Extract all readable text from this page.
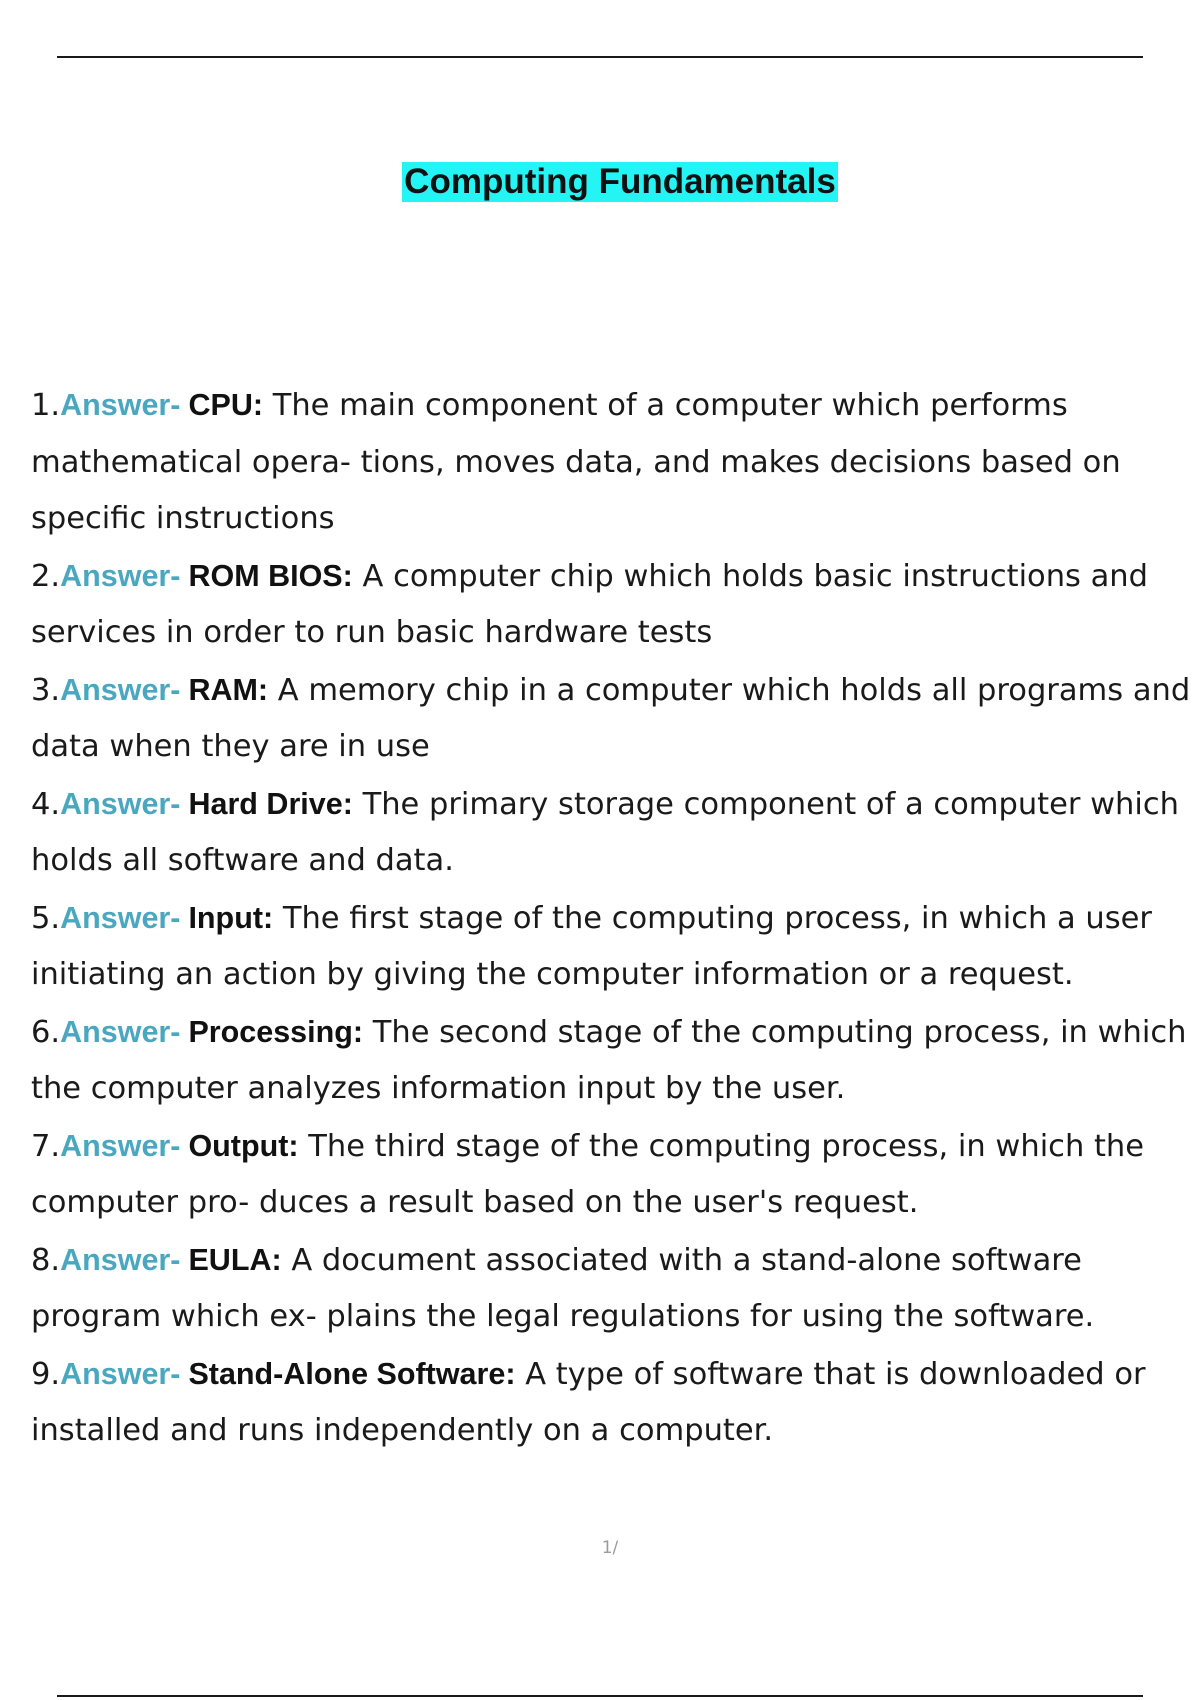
Computing Fundamentals
1.Answer- CPU: The main component of a computer which performs mathematical opera- tions, moves data, and makes decisions based on specific instructions
2.Answer- ROM BIOS: A computer chip which holds basic instructions and services in order to run basic hardware tests
3.Answer- RAM: A memory chip in a computer which holds all programs and data when they are in use
4.Answer- Hard Drive: The primary storage component of a computer which holds all software and data.
5.Answer- Input: The first stage of the computing process, in which a user initiating an action by giving the computer information or a request.
6.Answer- Processing: The second stage of the computing process, in which the computer analyzes information input by the user.
7.Answer- Output: The third stage of the computing process, in which the computer pro- duces a result based on the user's request.
8.Answer- EULA: A document associated with a stand-alone software program which ex- plains the legal regulations for using the software.
9.Answer- Stand-Alone Software: A type of software that is downloaded or installed and runs independently on a computer.
1/
